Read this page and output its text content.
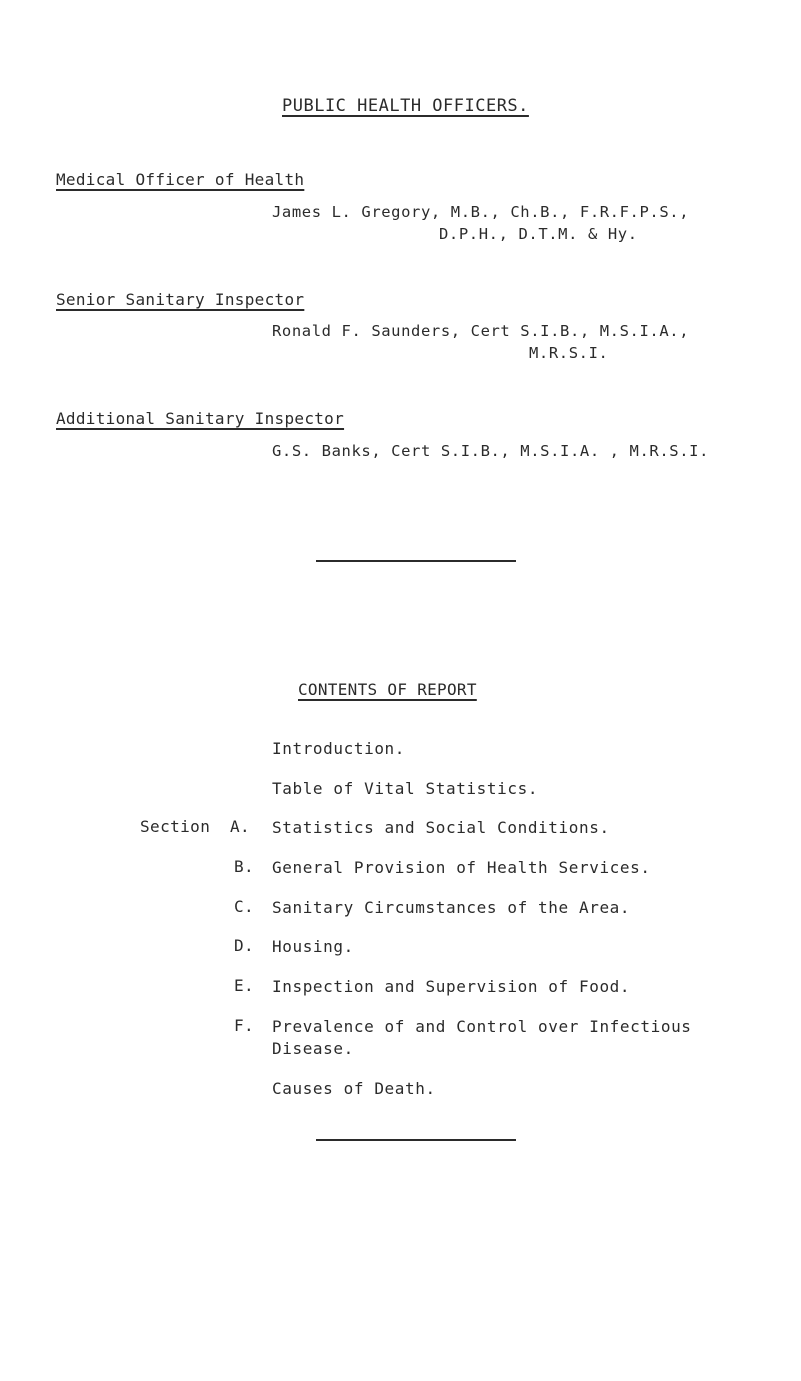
PUBLIC HEALTH OFFICERS.
Medical Officer of Health
James L. Gregory, M.B., Ch.B., F.R.F.P.S.,
D.P.H., D.T.M. & Hy.
Senior Sanitary Inspector
Ronald F. Saunders, Cert S.I.B., M.S.I.A.,
M.R.S.I.
Additional Sanitary Inspector
G.S. Banks, Cert S.I.B., M.S.I.A. , M.R.S.I.
CONTENTS OF REPORT
Introduction.
Table of Vital Statistics.
Section A. Statistics and Social Conditions.
B. General Provision of Health Services.
C. Sanitary Circumstances of the Area.
D. Housing.
E. Inspection and Supervision of Food.
F. Prevalence of and Control over Infectious
Disease.
Causes of Death.
